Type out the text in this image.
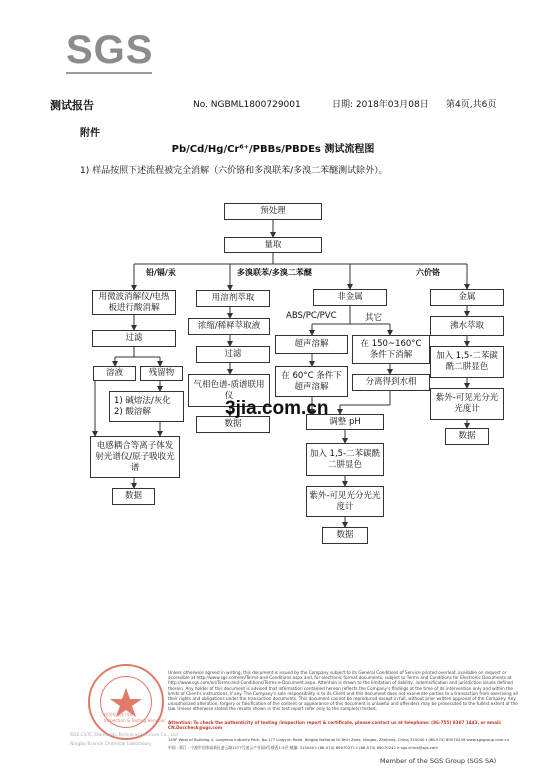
SGS
测试报告	No. NGBML1800729001	日期: 2018年03月08日 第4页,共6页
附件
Pb/Cd/Hg/Cr⁶⁺/PBBs/PBDEs 测试流程图
1) 样品按照下述流程被完全消解（六价铬和多溴联苯/多溴二苯醚测试除外）。
预处理
量取
铅/镉/汞	多溴联苯/多溴二苯醚	六价铬
用微波消解仪/电热板进行酸消解
过滤
溶液	残留物
1) 碱熔法/灰化
2) 酸溶解
电感耦合等离子体发射光谱仪/原子吸收光谱
数据
用溶剂萃取
浓缩/稀释萃取液
过滤
气相色谱-质谱联用仪
数据
非金属
ABS/PC/PVC	其它
超声溶解	在 150~160°C 条件下消解
在 60°C 条件下超声溶解	分离得到水相
调整 pH
加入 1,5-二苯碳酰二肼显色
紫外-可见光分光光度计
数据
金属
沸水萃取
加入 1,5-二苯碳酰二肼显色
紫外-可见光分光光度计
数据
3jia.com.cn
检验检测专用章
Inspection & Testing Services
SGS-CSTC Standards Technical Services Co., Ltd.
Ningbo Branch Chemical Laboratory
Unless otherwise agreed in writing, this document is issued by the Company subject to its General Conditions of Service printed overleaf, available on request or accessible at http://www.sgs.com/en/Terms-and-Conditions.aspx and, for electronic format documents, subject to Terms and Conditions for Electronic Documents at http://www.sgs.com/en/Terms-and-Conditions/Terms-e-Document.aspx. Attention is drawn to the limitation of liability, indemnification and jurisdiction issues defined therein. Any holder of this document is advised that information contained hereon reflects the Company's findings at the time of its intervention only and within the limits of Client's instructions, if any. The Company's sole responsibility is to its Client and this document does not exonerate parties to a transaction from exercising all their rights and obligations under the transaction documents. This document cannot be reproduced except in full, without prior written approval of the Company. Any unauthorized alteration, forgery or falsification of the content or appearance of this document is unlawful and offenders may be prosecuted to the fullest extent of the law. Unless otherwise stated the results shown in this test report refer only to the sample(s) tested.
Attention: To check the authenticity of testing /inspection report & certificate, please contact us at telephone: (86-755) 8307 1443, or email: CN.Doccheck@sgs.com
145F West of Building 4, Longmao Industry Park, No.177 Lingyun Road, Ningbo National Hi-Tech Zone, Ningbo, Zhejiang, China 315040 t (86-574) 89070249 www.sgsgroup.com.cn
中国 · 浙江 · 宁波市国家高新区凌云路1177号凌云产业园4号楼西1-5层 邮编: 315040 t (86-574) 89070271 t (86-574) 89070242 e sgs.china@sgs.com
Member of the SGS Group (SGS SA)
